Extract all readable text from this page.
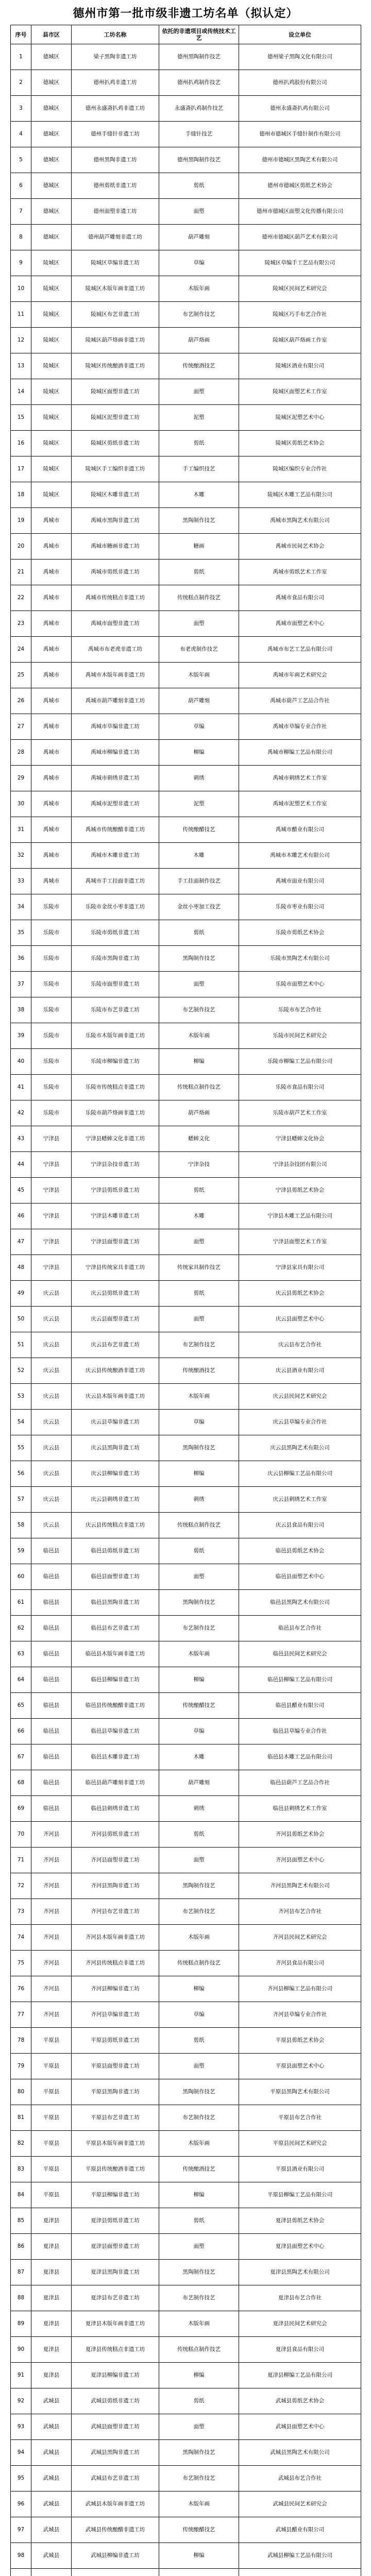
德州市第一批市级非遗工坊名单（拟认定）
序号	县市区	工坊名称	依托的非遗项目或传统技术工艺	设立单位
1	德城区	梁子黑陶非遗工坊	德州黑陶制作技艺	德州梁子黑陶文化有限公司
2	德城区	德州扒鸡非遗工坊	德州扒鸡制作技艺	德州扒鸡股份有限公司
3	德城区	德州永盛斋扒鸡非遗工坊	永盛斋扒鸡制作技艺	德州永盛斋扒鸡有限公司
4	德城区	德州手缝针非遗工坊	手缝针技艺	德州市德城区手缝针制作有限公司
5	德城区	德州黑陶非遗工坊	德州黑陶制作技艺	德州市德城区黑陶艺术有限公司
6	德城区	德州剪纸非遗工坊	剪纸	德州市德城区剪纸艺术协会
7	德城区	德州面塑非遗工坊	面塑	德州市德城区面塑文化传播有限公司
8	德城区	德州葫芦雕刻非遗工坊	葫芦雕刻	德州市德城区葫芦艺术有限公司
9	陵城区	陵城区草编非遗工坊	草编	陵城区草编手工艺品有限公司
10	陵城区	陵城区木版年画非遗工坊	木版年画	陵城区民间艺术研究会
11	陵城区	陵城区布艺非遗工坊	布艺制作技艺	陵城区巧手布艺合作社
12	陵城区	陵城区葫芦烙画非遗工坊	葫芦烙画	陵城区葫芦烙画工作室
13	陵城区	陵城区传统酿酒非遗工坊	传统酿酒技艺	陵城区酒业有限公司
14	陵城区	陵城区面塑非遗工坊	面塑	陵城区面塑艺术工作室
15	陵城区	陵城区泥塑非遗工坊	泥塑	陵城区泥塑艺术中心
16	陵城区	陵城区剪纸非遗工坊	剪纸	陵城区剪纸艺术协会
17	陵城区	陵城区手工编织非遗工坊	手工编织技艺	陵城区编织专业合作社
18	陵城区	陵城区木雕非遗工坊	木雕	陵城区木雕工艺品有限公司
19	禹城市	禹城市黑陶非遗工坊	黑陶制作技艺	禹城市黑陶艺术有限公司
20	禹城市	禹城市糖画非遗工坊	糖画	禹城市民间艺术协会
21	禹城市	禹城市剪纸非遗工坊	剪纸	禹城市剪纸艺术工作室
22	禹城市	禹城市传统糕点非遗工坊	传统糕点制作技艺	禹城市食品有限公司
23	禹城市	禹城市面塑非遗工坊	面塑	禹城市面塑艺术中心
24	禹城市	禹城市布老虎非遗工坊	布老虎制作技艺	禹城市布艺工艺品有限公司
25	禹城市	禹城市木版年画非遗工坊	木版年画	禹城市年画艺术研究会
26	禹城市	禹城市葫芦雕刻非遗工坊	葫芦雕刻	禹城市葫芦工艺品合作社
27	禹城市	禹城市草编非遗工坊	草编	禹城市草编专业合作社
28	禹城市	禹城市柳编非遗工坊	柳编	禹城市柳编工艺品有限公司
29	禹城市	禹城市刺绣非遗工坊	刺绣	禹城市刺绣艺术工作室
30	禹城市	禹城市泥塑非遗工坊	泥塑	禹城市泥塑艺术工作室
31	禹城市	禹城市传统酿醋非遗工坊	传统酿醋技艺	禹城市醋业有限公司
32	禹城市	禹城市木雕非遗工坊	木雕	禹城市木雕艺术有限公司
33	禹城市	禹城市手工挂面非遗工坊	手工挂面制作技艺	禹城市面业有限公司
34	乐陵市	乐陵市金丝小枣非遗工坊	金丝小枣加工技艺	乐陵市枣业有限公司
35	乐陵市	乐陵市剪纸非遗工坊	剪纸	乐陵市剪纸艺术协会
36	乐陵市	乐陵市黑陶非遗工坊	黑陶制作技艺	乐陵市黑陶艺术有限公司
37	乐陵市	乐陵市面塑非遗工坊	面塑	乐陵市面塑艺术中心
38	乐陵市	乐陵市布艺非遗工坊	布艺制作技艺	乐陵市布艺合作社
39	乐陵市	乐陵市木版年画非遗工坊	木版年画	乐陵市民间艺术研究会
40	乐陵市	乐陵市柳编非遗工坊	柳编	乐陵市柳编工艺品有限公司
41	乐陵市	乐陵市传统糕点非遗工坊	传统糕点制作技艺	乐陵市食品有限公司
42	乐陵市	乐陵市葫芦烙画非遗工坊	葫芦烙画	乐陵市葫芦艺术工作室
43	宁津县	宁津县蟋蟀文化非遗工坊	蟋蟀文化	宁津县蟋蟀文化协会
44	宁津县	宁津县杂技非遗工坊	宁津杂技	宁津县杂技团有限公司
45	宁津县	宁津县剪纸非遗工坊	剪纸	宁津县剪纸艺术协会
46	宁津县	宁津县木雕非遗工坊	木雕	宁津县木雕工艺品有限公司
47	宁津县	宁津县面塑非遗工坊	面塑	宁津县面塑艺术工作室
48	宁津县	宁津县传统家具非遗工坊	传统家具制作技艺	宁津县家具有限公司
49	庆云县	庆云县剪纸非遗工坊	剪纸	庆云县剪纸艺术协会
50	庆云县	庆云县面塑非遗工坊	面塑	庆云县面塑艺术中心
51	庆云县	庆云县布艺非遗工坊	布艺制作技艺	庆云县布艺合作社
52	庆云县	庆云县传统酿酒非遗工坊	传统酿酒技艺	庆云县酒业有限公司
53	庆云县	庆云县木版年画非遗工坊	木版年画	庆云县民间艺术研究会
54	庆云县	庆云县草编非遗工坊	草编	庆云县草编专业合作社
55	庆云县	庆云县黑陶非遗工坊	黑陶制作技艺	庆云县黑陶艺术有限公司
56	庆云县	庆云县柳编非遗工坊	柳编	庆云县柳编工艺品有限公司
57	庆云县	庆云县刺绣非遗工坊	刺绣	庆云县刺绣艺术工作室
58	庆云县	庆云县传统糕点非遗工坊	传统糕点制作技艺	庆云县食品有限公司
59	临邑县	临邑县剪纸非遗工坊	剪纸	临邑县剪纸艺术协会
60	临邑县	临邑县面塑非遗工坊	面塑	临邑县面塑艺术中心
61	临邑县	临邑县黑陶非遗工坊	黑陶制作技艺	临邑县黑陶艺术有限公司
62	临邑县	临邑县布艺非遗工坊	布艺制作技艺	临邑县布艺合作社
63	临邑县	临邑县木版年画非遗工坊	木版年画	临邑县民间艺术研究会
64	临邑县	临邑县柳编非遗工坊	柳编	临邑县柳编工艺品有限公司
65	临邑县	临邑县传统酿醋非遗工坊	传统酿醋技艺	临邑县醋业有限公司
66	临邑县	临邑县草编非遗工坊	草编	临邑县草编专业合作社
67	临邑县	临邑县木雕非遗工坊	木雕	临邑县木雕工艺品有限公司
68	临邑县	临邑县葫芦雕刻非遗工坊	葫芦雕刻	临邑县葫芦工艺品合作社
69	临邑县	临邑县刺绣非遗工坊	刺绣	临邑县刺绣艺术工作室
70	齐河县	齐河县剪纸非遗工坊	剪纸	齐河县剪纸艺术协会
71	齐河县	齐河县面塑非遗工坊	面塑	齐河县面塑艺术中心
72	齐河县	齐河县黑陶非遗工坊	黑陶制作技艺	齐河县黑陶艺术有限公司
73	齐河县	齐河县布艺非遗工坊	布艺制作技艺	齐河县布艺合作社
74	齐河县	齐河县木版年画非遗工坊	木版年画	齐河县民间艺术研究会
75	齐河县	齐河县传统糕点非遗工坊	传统糕点制作技艺	齐河县食品有限公司
76	齐河县	齐河县柳编非遗工坊	柳编	齐河县柳编工艺品有限公司
77	齐河县	齐河县草编非遗工坊	草编	齐河县草编专业合作社
78	平原县	平原县剪纸非遗工坊	剪纸	平原县剪纸艺术协会
79	平原县	平原县面塑非遗工坊	面塑	平原县面塑艺术中心
80	平原县	平原县黑陶非遗工坊	黑陶制作技艺	平原县黑陶艺术有限公司
81	平原县	平原县布艺非遗工坊	布艺制作技艺	平原县布艺合作社
82	平原县	平原县木版年画非遗工坊	木版年画	平原县民间艺术研究会
83	平原县	平原县传统酿酒非遗工坊	传统酿酒技艺	平原县酒业有限公司
84	平原县	平原县柳编非遗工坊	柳编	平原县柳编工艺品有限公司
85	夏津县	夏津县剪纸非遗工坊	剪纸	夏津县剪纸艺术协会
86	夏津县	夏津县面塑非遗工坊	面塑	夏津县面塑艺术中心
87	夏津县	夏津县黑陶非遗工坊	黑陶制作技艺	夏津县黑陶艺术有限公司
88	夏津县	夏津县布艺非遗工坊	布艺制作技艺	夏津县布艺合作社
89	夏津县	夏津县木版年画非遗工坊	木版年画	夏津县民间艺术研究会
90	夏津县	夏津县传统糕点非遗工坊	传统糕点制作技艺	夏津县食品有限公司
91	夏津县	夏津县柳编非遗工坊	柳编	夏津县柳编工艺品有限公司
92	武城县	武城县剪纸非遗工坊	剪纸	武城县剪纸艺术协会
93	武城县	武城县面塑非遗工坊	面塑	武城县面塑艺术中心
94	武城县	武城县黑陶非遗工坊	黑陶制作技艺	武城县黑陶艺术有限公司
95	武城县	武城县布艺非遗工坊	布艺制作技艺	武城县布艺合作社
96	武城县	武城县木版年画非遗工坊	木版年画	武城县民间艺术研究会
97	武城县	武城县传统酿醋非遗工坊	传统酿醋技艺	武城县醋业有限公司
98	武城县	武城县柳编非遗工坊	柳编	武城县柳编工艺品有限公司
